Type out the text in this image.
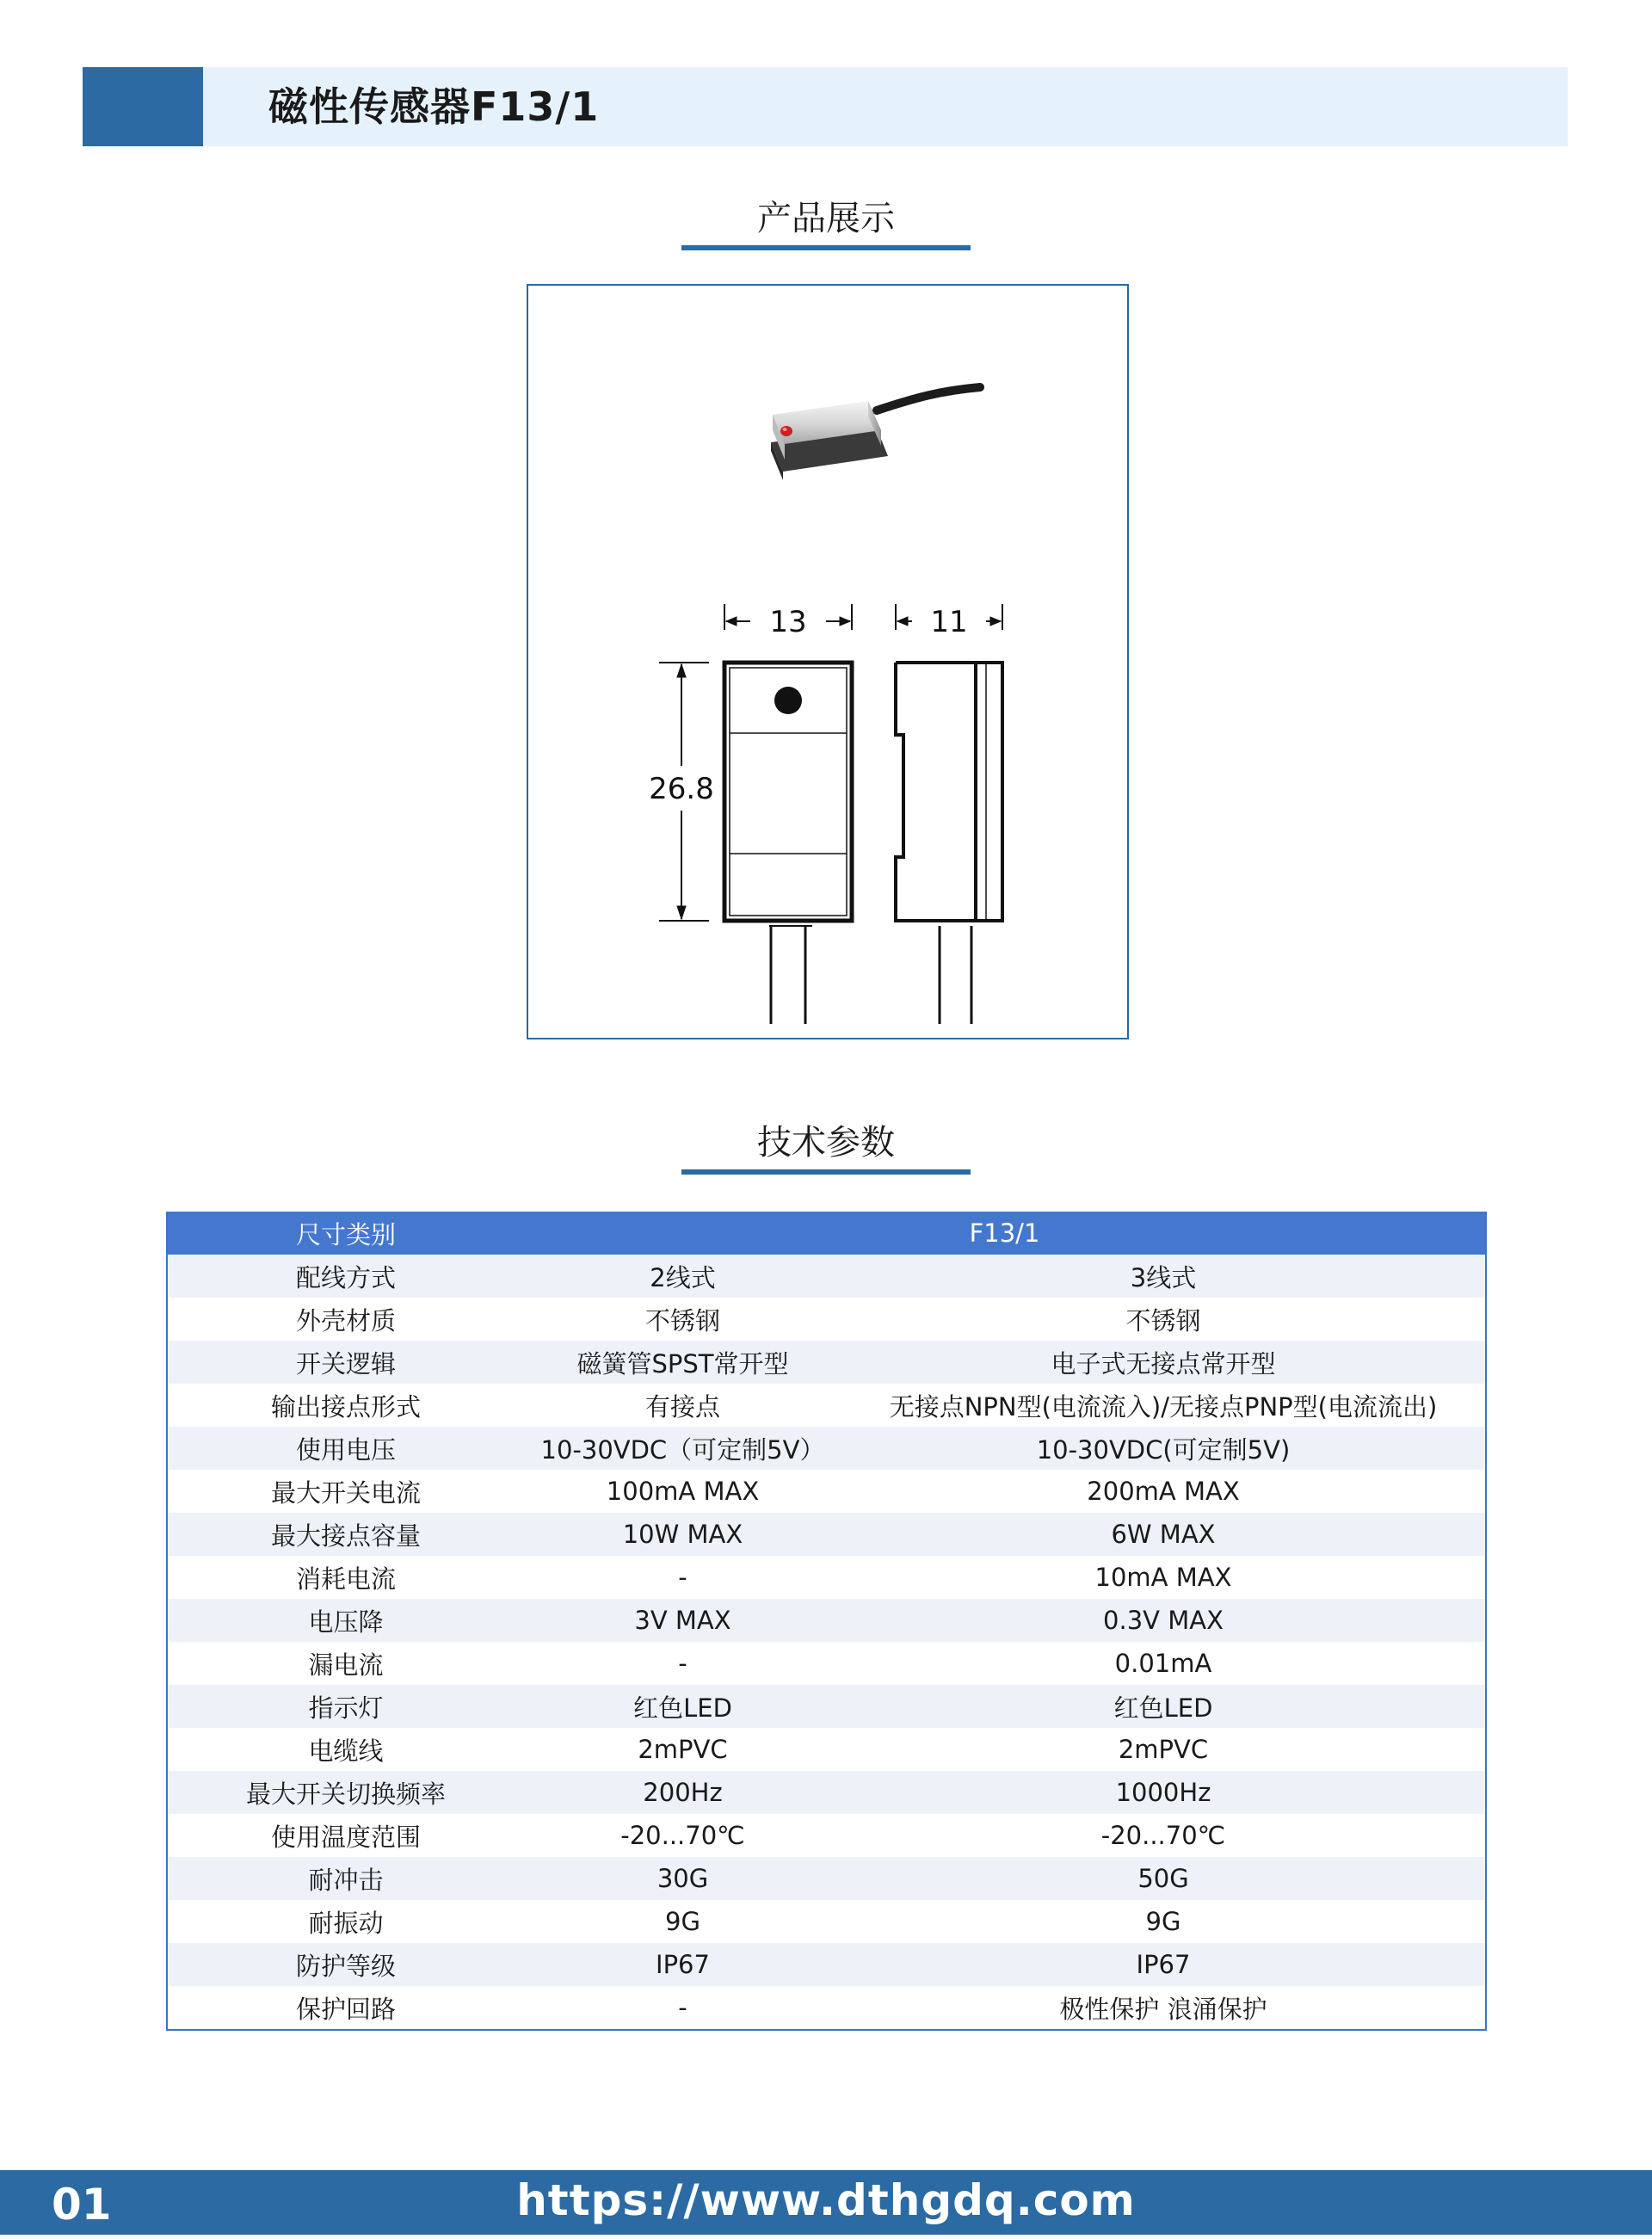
磁性传感器F13/1
产品展示
13	11
26.8
技术参数
尺寸类别	F13/1	
配线方式	2线式	3线式
外壳材质	不锈钢	不锈钢
开关逻辑	磁簧管SPST常开型	电子式无接点常开型
输出接点形式	有接点	无接点NPN型(电流流入)/无接点PNP型(电流流出)
使用电压	10-30VDC（可定制5V）	10-30VDC(可定制5V)
最大开关电流	100mA MAX	200mA MAX
最大接点容量	10W MAX	6W MAX
消耗电流	-	10mA MAX
电压降	3V MAX	0.3V MAX
漏电流	-	0.01mA
指示灯	红色LED	红色LED
电缆线	2mPVC	2mPVC
最大开关切换频率	200Hz	1000Hz
使用温度范围	-20...70℃	-20...70℃
耐冲击	30G	50G
耐振动	9G	9G
防护等级	IP67	IP67
保护回路	-	极性保护 浪涌保护
01	https://www.dthgdq.com
